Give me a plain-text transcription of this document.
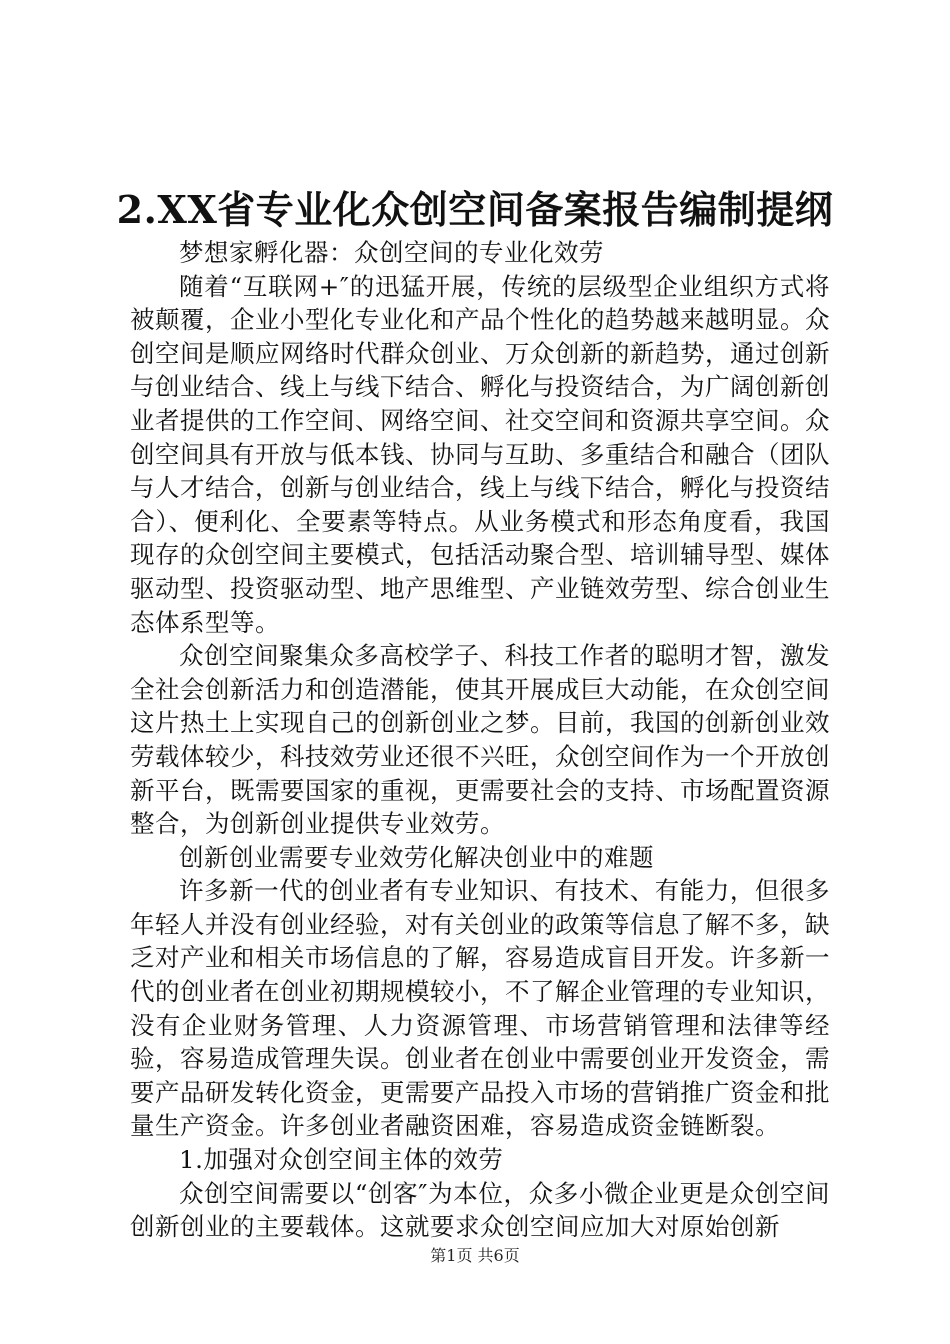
2.XX省专业化众创空间备案报告编制提纲

梦想家孵化器：众创空间的专业化效劳

随着“互联网+″的迅猛开展，传统的层级型企业组织方式将被颠覆，企业小型化专业化和产品个性化的趋势越来越明显。众创空间是顺应网络时代群众创业、万众创新的新趋势，通过创新与创业结合、线上与线下结合、孵化与投资结合，为广阔创新创业者提供的工作空间、网络空间、社交空间和资源共享空间。众创空间具有开放与低本钱、协同与互助、多重结合和融合（团队与人才结合，创新与创业结合，线上与线下结合，孵化与投资结合）、便利化、全要素等特点。从业务模式和形态角度看，我国现存的众创空间主要模式，包括活动聚合型、培训辅导型、媒体驱动型、投资驱动型、地产思维型、产业链效劳型、综合创业生态体系型等。

众创空间聚集众多高校学子、科技工作者的聪明才智，激发全社会创新活力和创造潜能，使其开展成巨大动能，在众创空间这片热土上实现自己的创新创业之梦。目前，我国的创新创业效劳载体较少，科技效劳业还很不兴旺，众创空间作为一个开放创新平台，既需要国家的重视，更需要社会的支持、市场配置资源整合，为创新创业提供专业效劳。

创新创业需要专业效劳化解决创业中的难题

许多新一代的创业者有专业知识、有技术、有能力，但很多年轻人并没有创业经验，对有关创业的政策等信息了解不多，缺乏对产业和相关市场信息的了解，容易造成盲目开发。许多新一代的创业者在创业初期规模较小，不了解企业管理的专业知识，没有企业财务管理、人力资源管理、市场营销管理和法律等经验，容易造成管理失误。创业者在创业中需要创业开发资金，需要产品研发转化资金，更需要产品投入市场的营销推广资金和批量生产资金。许多创业者融资困难，容易造成资金链断裂。

1.加强对众创空间主体的效劳

众创空间需要以“创客″为本位，众多小微企业更是众创空间创新创业的主要载体。这就要求众创空间应加大对原始创新

第1页 共6页
